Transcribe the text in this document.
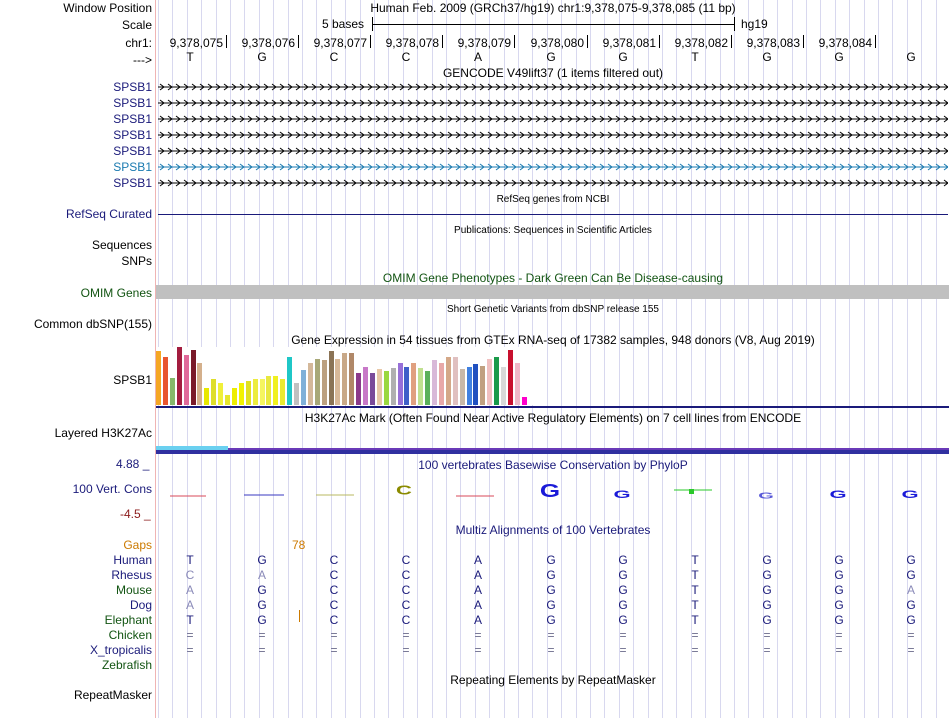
Window Position
Scale
chr1:
--->
Human Feb. 2009 (GRCh37/hg19) chr1:9,378,075-9,378,085 (11 bp)
5 bases	hg19
9,378,075	9,378,076	9,378,077	9,378,078	9,378,079	9,378,080	9,378,081	9,378,082	9,378,083	9,378,084
T	G	C	C	A	G	G	T	G	G	G
GENCODE V49lift37 (1 items filtered out)
SPSB1
SPSB1
SPSB1
SPSB1
SPSB1
SPSB1
SPSB1
RefSeq Curated
RefSeq genes from NCBI
Publications: Sequences in Scientific Articles
Sequences
SNPs
OMIM Gene Phenotypes - Dark Green Can Be Disease-causing
OMIM Genes
Short Genetic Variants from dbSNP release 155
Common dbSNP(155)
Gene Expression in 54 tissues from GTEx RNA-seq of 17382 samples, 948 donors (V8, Aug 2019)
SPSB1
H3K27Ac Mark (Often Found Near Active Regulatory Elements) on 7 cell lines from ENCODE
Layered H3K27Ac
100 vertebrates Basewise Conservation by PhyloP
100 Vert. Cons
4.88 _
-4.5 _
C	G G	G	G G
Multiz Alignments of 100 Vertebrates
Gaps	78
Human	T	G	C	C	A	G	G	T	G	G	G
Rhesus	C	A	C	C	A	G	G	T	G	G	G
Mouse	A	G	C	C	A	G	G	T	G	G	A
Dog	A	G	C	C	A	G	G	T	G	G	G
Elephant	T	G	C	C	A	G	G	T	G	G	G
Chicken	=	=	=	=	=	=	=	=	=	=	=
X_tropicalis	=	=	=	=	=	=	=	=	=	=	=
Zebrafish
Repeating Elements by RepeatMasker
RepeatMasker
